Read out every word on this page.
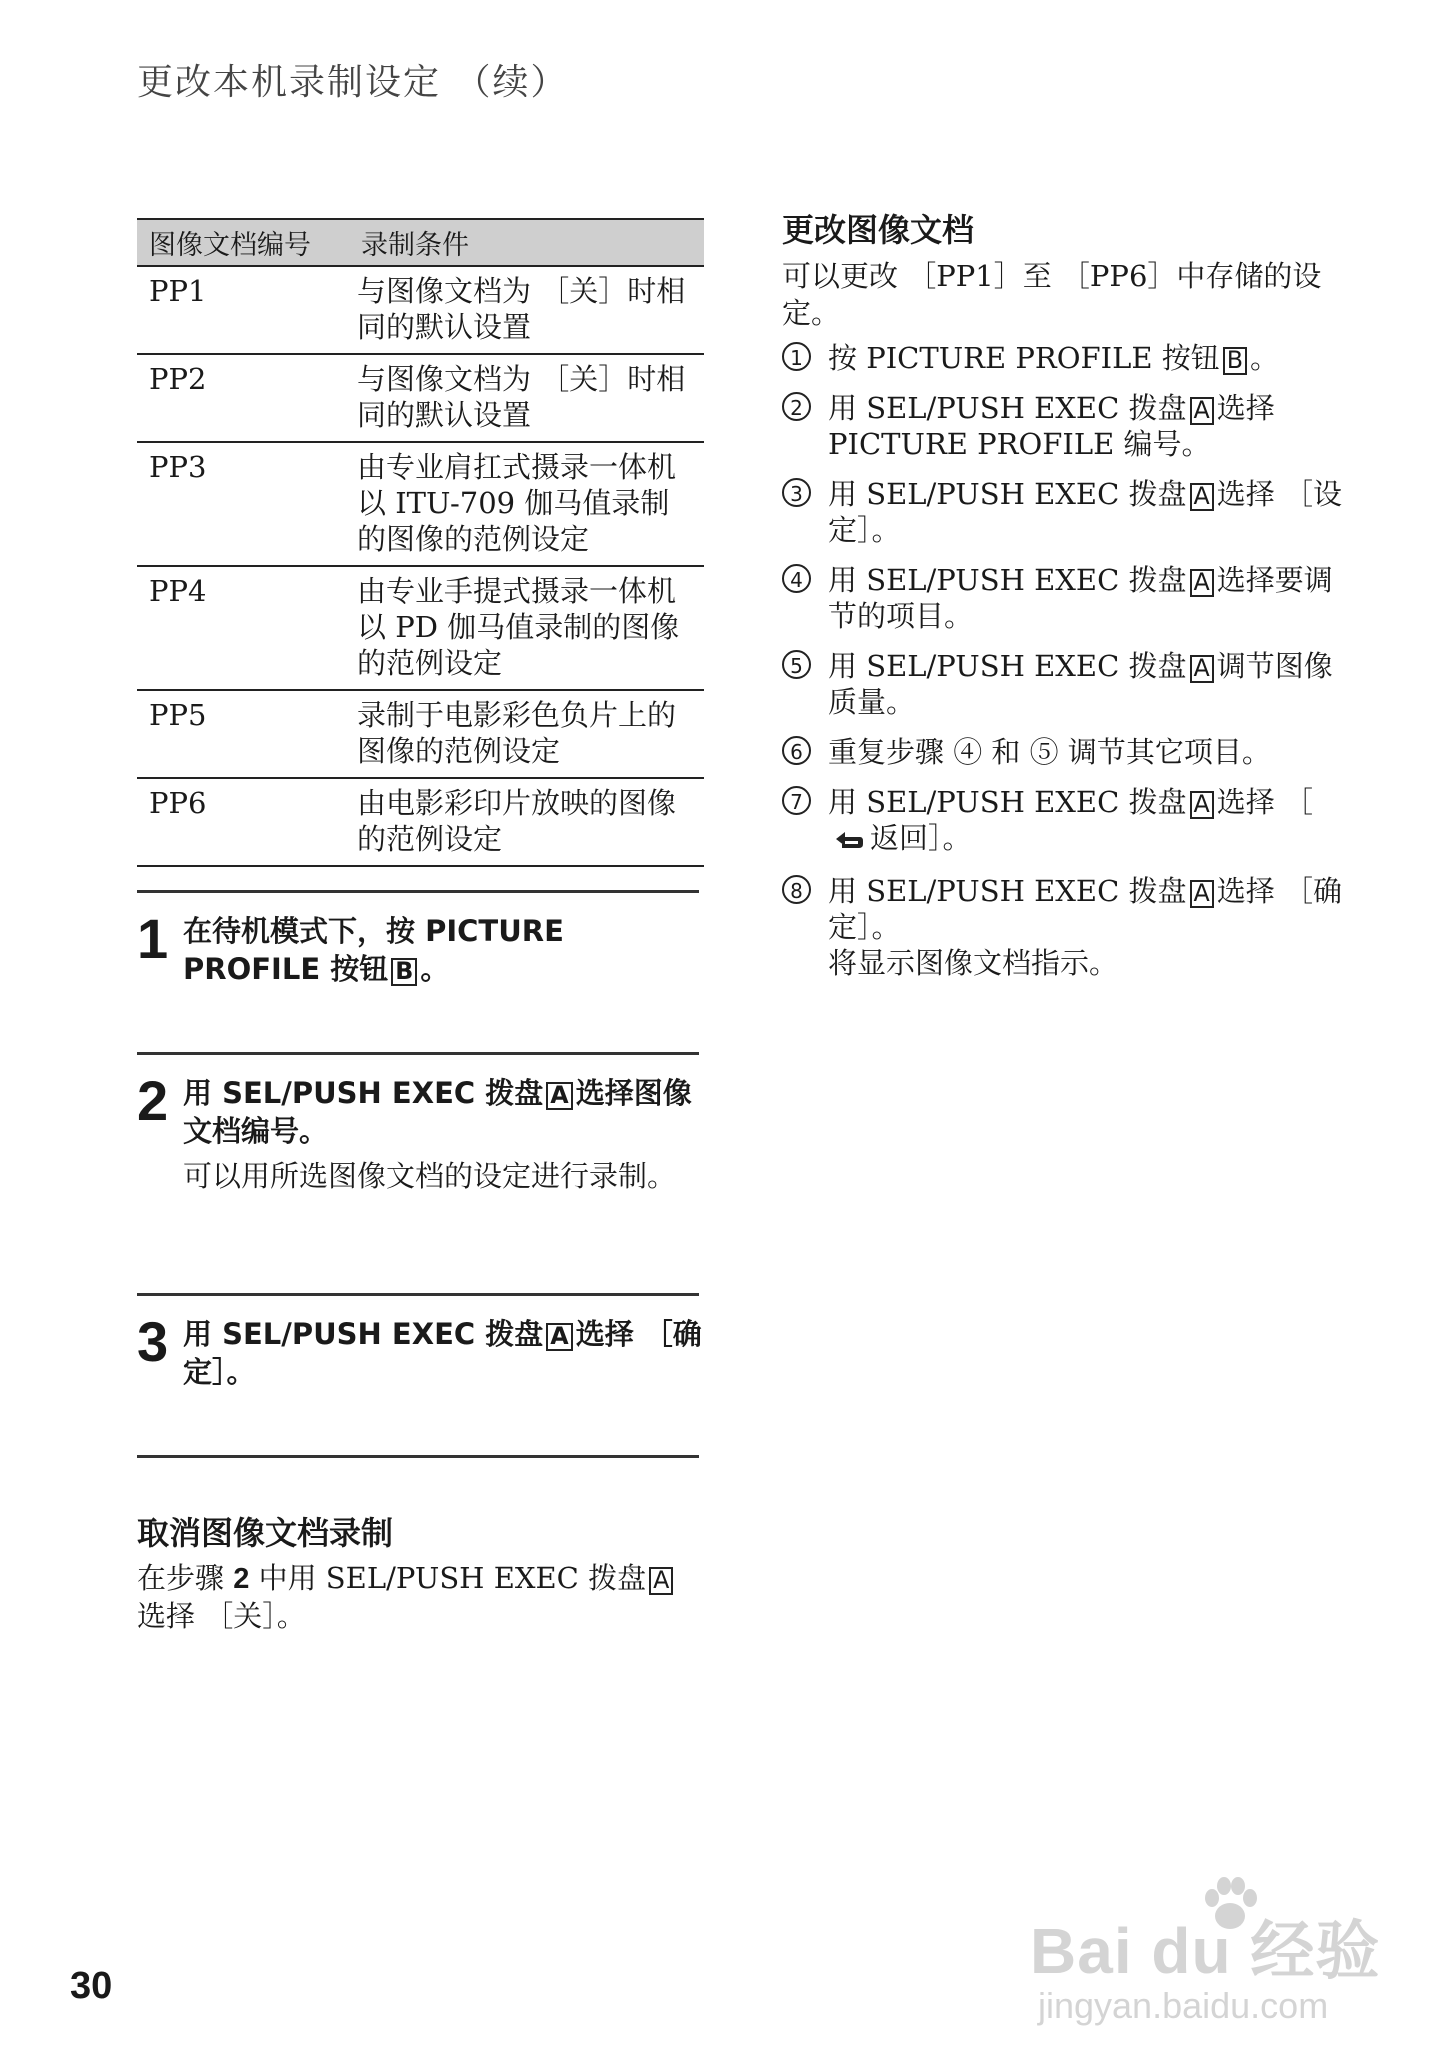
更改本机录制设定 （续）
图像文档编号	录制条件
PP1	与图像文档为 ［关］时相同的默认设置
PP2	与图像文档为 ［关］时相同的默认设置
PP3	由专业肩扛式摄录一体机以 ITU-709 伽马值录制的图像的范例设定
PP4	由专业手提式摄录一体机以 PD 伽马值录制的图像的范例设定
PP5	录制于电影彩色负片上的图像的范例设定
PP6	由电影彩印片放映的图像的范例设定
1 在待机模式下，按 PICTURE PROFILE 按钮 B 。
2 用 SEL/PUSH EXEC 拨盘 A 选择图像文档编号。
可以用所选图像文档的设定进行录制。
3 用 SEL/PUSH EXEC 拨盘 A 选择 ［确定］。
取消图像文档录制
在步骤 2 中用 SEL/PUSH EXEC 拨盘 A选择 ［关］。
更改图像文档
可以更改 ［PP1］至 ［PP6］中存储的设定。
1 按 PICTURE PROFILE 按钮 B 。
2 用 SEL/PUSH EXEC 拨盘 A 选择 PICTURE PROFILE 编号。
3 用 SEL/PUSH EXEC 拨盘 A 选择 ［设定］。
4 用 SEL/PUSH EXEC 拨盘 A 选择要调节的项目。
5 用 SEL/PUSH EXEC 拨盘 A 调节图像质量。
6 重复步骤 ④ 和 ⑤ 调节其它项目。
7 用 SEL/PUSH EXEC 拨盘 A 选择 ［返回］。
8 用 SEL/PUSH EXEC 拨盘 A 选择 ［确定］。
将显示图像文档指示。
30	Bai du 经验
jingyan.baidu.com
